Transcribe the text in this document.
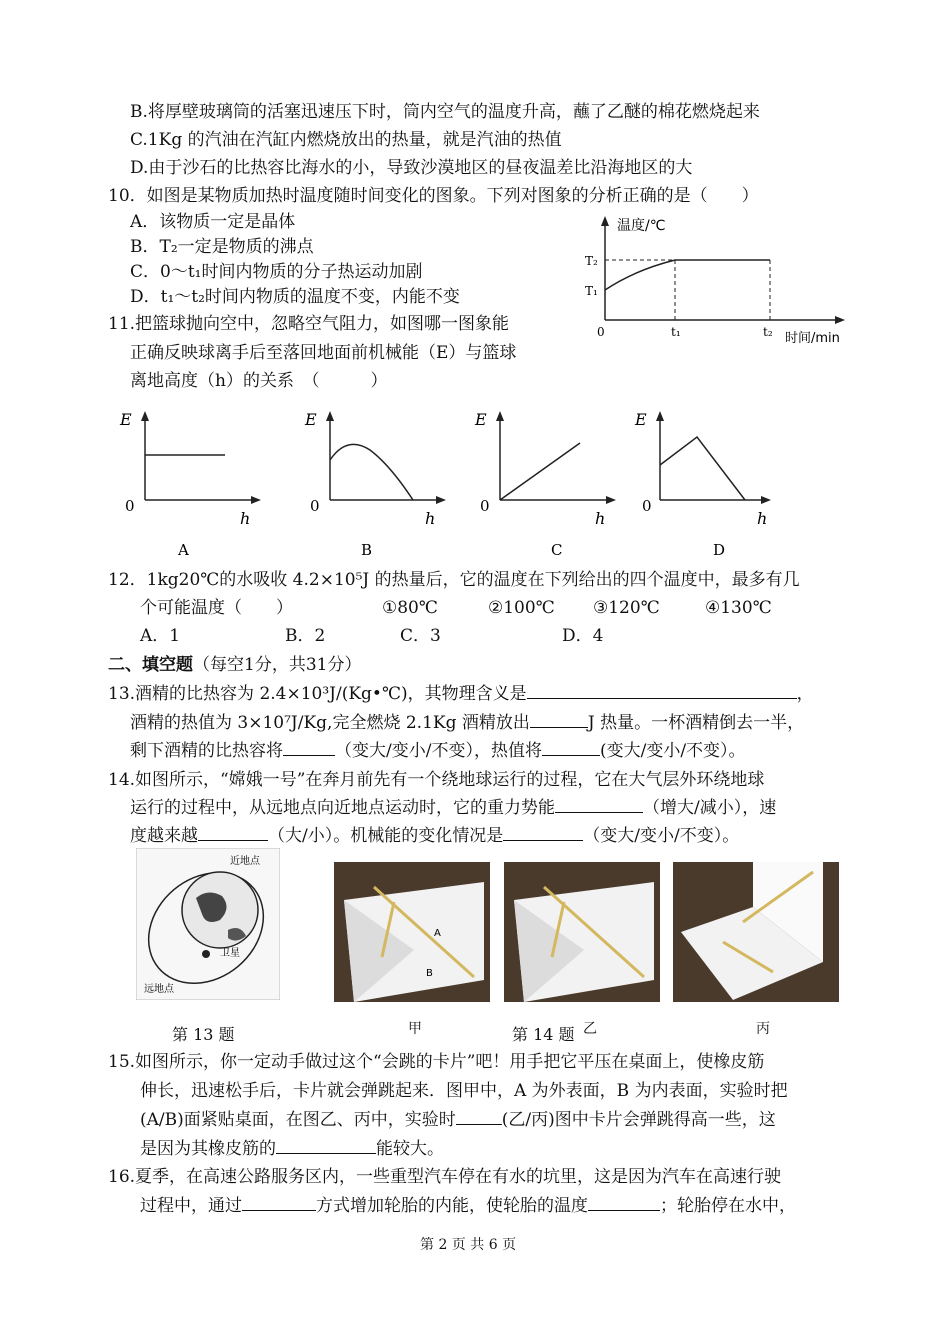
B.将厚壁玻璃筒的活塞迅速压下时，筒内空气的温度升高，蘸了乙醚的棉花燃烧起来
C.1Kg 的汽油在汽缸内燃烧放出的热量，就是汽油的热值
D.由于沙石的比热容比海水的小，导致沙漠地区的昼夜温差比沿海地区的大
10．如图是某物质加热时温度随时间变化的图象。下列对图象的分析正确的是（　　）
A．该物质一定是晶体
B．T₂一定是物质的沸点
C．0～t₁时间内物质的分子热运动加剧
D．t₁～t₂时间内物质的温度不变，内能不变
温度/℃
T₂
T₁
0	t₁	t₂ 时间/min
11.把篮球抛向空中，忽略空气阻力，如图哪一图象能
正确反映球离手后至落回地面前机械能（E）与篮球
离地高度（h）的关系　（　　　）
E
0
h
A
E
0
h
B
E
0
h
C
E
0
h
D
12．1kg20℃的水吸收 4.2×10⁵J 的热量后，它的温度在下列给出的四个温度中，最多有几
个可能温度（　　）	①80℃	②100℃ ③120℃	④130℃
A．1	B．2	C．3	D．4
二、填空题（每空1分，共31分）
13.酒精的比热容为 2.4×10³J/(Kg•℃)，其物理含义是	，
酒精的热值为 3×10⁷J/Kg,完全燃烧 2.1Kg 酒精放出	J 热量。一杯酒精倒去一半，
剩下酒精的比热容将	（变大/变小/不变），热值将	(变大/变小/不变）。
14.如图所示，“嫦娥一号”在奔月前先有一个绕地球运行的过程，它在大气层外环绕地球
运行的过程中，从远地点向近地点运动时，它的重力势能	（增大/减小），速
度越来越	（大/小）。机械能的变化情况是	（变大/变小/不变）。
近地点
卫星
远地点
A
B
第 13 题	甲	第 14 题 乙	丙
15.如图所示，你一定动手做过这个“会跳的卡片”吧！用手把它平压在桌面上，使橡皮筋
伸长，迅速松手后，卡片就会弹跳起来．图甲中，A 为外表面，B 为内表面，实验时把
(A/B)面紧贴桌面，在图乙、丙中，实验时	(乙/丙)图中卡片会弹跳得高一些，这
是因为其橡皮筋的	能较大。
16.夏季，在高速公路服务区内，一些重型汽车停在有水的坑里，这是因为汽车在高速行驶
过程中，通过	方式增加轮胎的内能，使轮胎的温度	；轮胎停在水中，
第 2 页 共 6 页
